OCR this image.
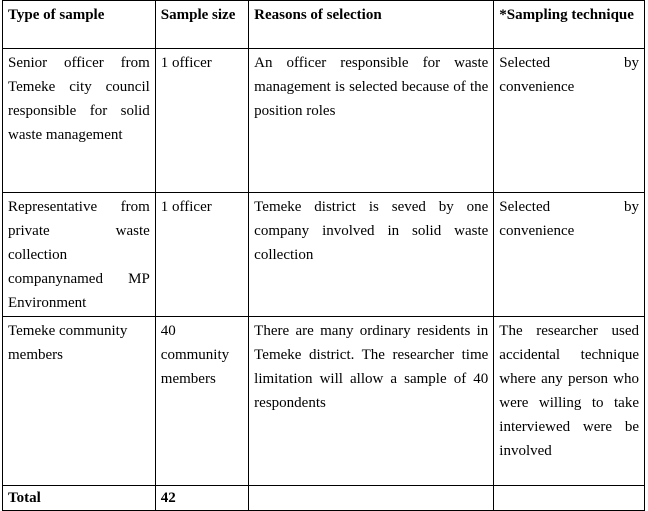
Type of sample	Sample size	Reasons of selection	*Sampling technique
Senior officer from Temeke city council responsible for solid waste management	1 officer	An officer responsible for waste management is selected because of the position roles	Selected by convenience
Representative from private waste collection companynamed MP Environment	1 officer	Temeke district is seved by one company involved in solid waste collection	Selected by convenience
Temeke community members	40 community members	There are many ordinary residents in Temeke district. The researcher time limitation will allow a sample of 40 respondents	The researcher used accidental technique where any person who were willing to take interviewed were be involved
Total	42		
